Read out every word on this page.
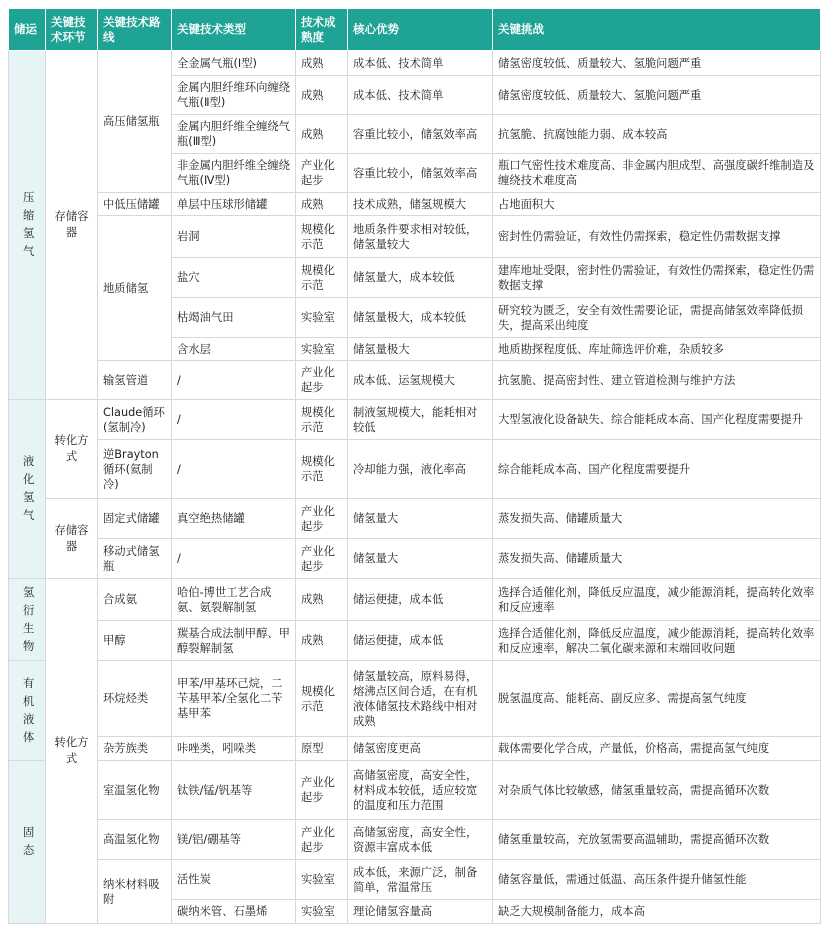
储运	关键技术环节	关键技术路线	关键技术类型	技术成熟度	核心优势	关键挑战
压缩氢气	存储容器	高压储氢瓶	全金属气瓶(Ⅰ型)	成熟	成本低、技术简单	储氢密度较低、质量较大、氢脆问题严重
			金属内胆纤维环向缠绕气瓶(Ⅱ型)	成熟	成本低、技术简单	储氢密度较低、质量较大、氢脆问题严重
			金属内胆纤维全缠绕气瓶(Ⅲ型)	成熟	容重比较小，储氢效率高	抗氢脆、抗腐蚀能力弱、成本较高
			非金属内胆纤维全缠绕气瓶(Ⅳ型)	产业化起步	容重比较小，储氢效率高	瓶口气密性技术难度高、非金属内胆成型、高强度碳纤维制造及缠绕技术难度高
		中低压储罐	单层中压球形储罐	成熟	技术成熟，储氢规模大	占地面积大
		地质储氢	岩洞	规模化示范	地质条件要求相对较低，储氢量较大	密封性仍需验证，有效性仍需探索，稳定性仍需数据支撑
			盐穴	规模化示范	储氢量大，成本较低	建库地址受限，密封性仍需验证，有效性仍需探索，稳定性仍需数据支撑
			枯竭油气田	实验室	储氢量极大，成本较低	研究较为匮乏，安全有效性需要论证，需提高储氢效率降低损失，提高采出纯度
			含水层	实验室	储氢量极大	地质勘探程度低、库址筛选评价难，杂质较多
		输氢管道	/	产业化起步	成本低、运氢规模大	抗氢脆、提高密封性、建立管道检测与维护方法
液化氢气	转化方式	Claude循环(氢制冷)	/	规模化示范	制液氢规模大，能耗相对较低	大型氢液化设备缺失、综合能耗成本高、国产化程度需要提升
		逆Brayton循环(氦制冷)	/	规模化示范	冷却能力强，液化率高	综合能耗成本高、国产化程度需要提升
	存储容器	固定式储罐	真空绝热储罐	产业化起步	储氢量大	蒸发损失高、储罐质量大
		移动式储氢瓶	/	产业化起步	储氢量大	蒸发损失高、储罐质量大
氢衍生物	转化方式	合成氨	哈伯-博世工艺合成氨、氨裂解制氢	成熟	储运便捷，成本低	选择合适催化剂，降低反应温度，减少能源消耗，提高转化效率和反应速率
		甲醇	羰基合成法制甲醇、甲醇裂解制氢	成熟	储运便捷，成本低	选择合适催化剂，降低反应温度，减少能源消耗，提高转化效率和反应速率，解决二氧化碳来源和末端回收问题
有机液体		环烷烃类	甲苯/甲基环己烷，二苄基甲苯/全氢化二苄基甲苯	规模化示范	储氢量较高，原料易得，熔沸点区间合适，在有机液体储氢技术路线中相对成熟	脱氢温度高、能耗高、副反应多、需提高氢气纯度
		杂芳族类	咔唑类，吲哚类	原型	储氢密度更高	载体需要化学合成，产量低，价格高，需提高氢气纯度
固态		室温氢化物	钛铁/锰/钒基等	产业化起步	高储氢密度，高安全性，材料成本较低，适应较宽的温度和压力范围	对杂质气体比较敏感，储氢重量较高，需提高循环次数
		高温氢化物	镁/铝/硼基等	产业化起步	高储氢密度，高安全性，资源丰富成本低	储氢重量较高，充放氢需要高温辅助，需提高循环次数
		纳米材料吸附	活性炭	实验室	成本低，来源广泛，制备简单，常温常压	储氢容量低，需通过低温、高压条件提升储氢性能
			碳纳米管、石墨烯	实验室	理论储氢容量高	缺乏大规模制备能力，成本高
